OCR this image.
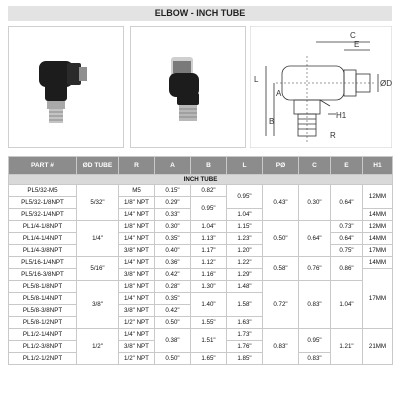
ELBOW - INCH TUBE
C
E
ØD
L
A
B
H1
R
PART #	ØD TUBE	R	A	B	L	PØ	C	E	H1
INCH TUBE									
PL5/32-M5	5/32"	M5	0.15"	0.82"	0.95"	0.43"	0.30"	0.64"	12MM
PL5/32-1/8NPT		1/8" NPT	0.29"	0.95"					
PL5/32-1/4NPT		1/4" NPT	0.33"		1.04"				14MM
PL1/4-1/8NPT	1/4"	1/8" NPT	0.30"	1.04"	1.15"	0.50"	0.64"	0.73"	12MM
PL1/4-1/4NPT		1/4" NPT	0.35"	1.13"	1.23"			0.64"	14MM
PL1/4-3/8NPT		3/8" NPT	0.40"	1.17"	1.20"			0.75"	17MM
PL5/16-1/4NPT	5/16"	1/4" NPT	0.36"	1.12"	1.22"	0.58"	0.76"	0.86"	14MM
PL5/16-3/8NPT		3/8" NPT	0.42"	1.16"	1.29"				17MM
PL5/8-1/8NPT	3/8"	1/8" NPT	0.28"	1.30"	1.48"	0.72"	0.83"	1.04"	
PL5/8-1/4NPT		1/4" NPT	0.35"	1.40"	1.58"				
PL5/8-3/8NPT		3/8" NPT	0.42"						
PL5/8-1/2NPT		1/2" NPT	0.50"	1.55"	1.63"				
PL1/2-1/4NPT	1/2"	1/4" NPT	0.38"	1.51"	1.73"	0.83"	0.95"	1.21"	21MM
PL1/2-3/8NPT		3/8" NPT			1.76"				
PL1/2-1/2NPT		1/2" NPT	0.50"	1.65"	1.85"		0.83"		
